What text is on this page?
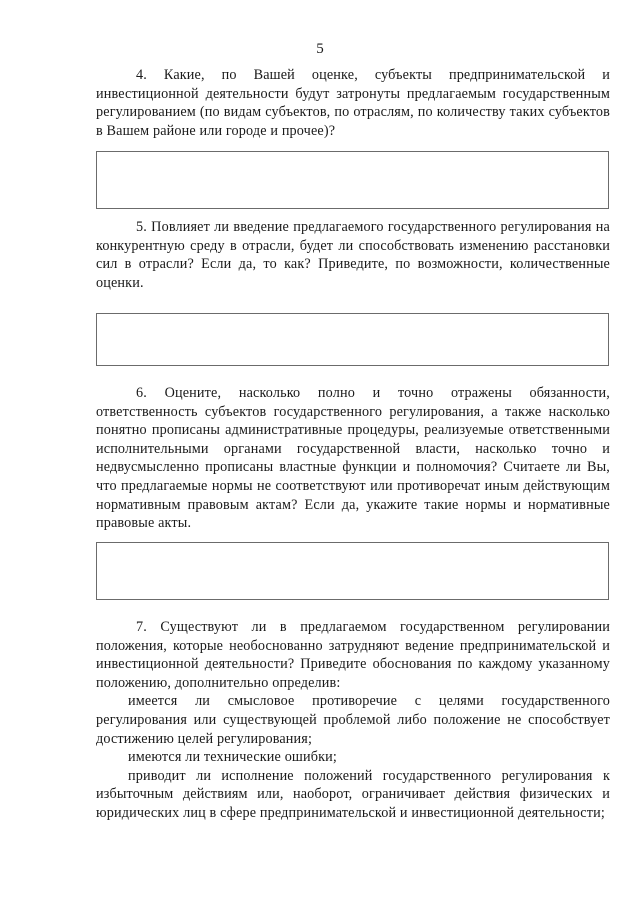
5

4. Какие, по Вашей оценке, субъекты предпринимательской и инвестиционной деятельности будут затронуты предлагаемым государственным регулированием (по видам субъектов, по отраслям, по количеству таких субъектов в Вашем районе или городе и прочее)?

5. Повлияет ли введение предлагаемого государственного регулирования на конкурентную среду в отрасли, будет ли способствовать изменению расстановки сил в отрасли? Если да, то как? Приведите, по возможности, количественные оценки.

6. Оцените, насколько полно и точно отражены обязанности, ответственность субъектов государственного регулирования, а также насколько понятно прописаны административные процедуры, реализуемые ответственными исполнительными органами государственной власти, насколько точно и недвусмысленно прописаны властные функции и полномочия? Считаете ли Вы, что предлагаемые нормы не соответствуют или противоречат иным действующим нормативным правовым актам? Если да, укажите такие нормы и нормативные правовые акты.

7. Существуют ли в предлагаемом государственном регулировании положения, которые необоснованно затрудняют ведение предпринимательской и инвестиционной деятельности? Приведите обоснования по каждому указанному положению, дополнительно определив:

имеется ли смысловое противоречие с целями государственного регулирования или существующей проблемой либо положение не способствует достижению целей регулирования;

имеются ли технические ошибки;

приводит ли исполнение положений государственного регулирования к избыточным действиям или, наоборот, ограничивает действия физических и юридических лиц в сфере предпринимательской и инвестиционной деятельности;
